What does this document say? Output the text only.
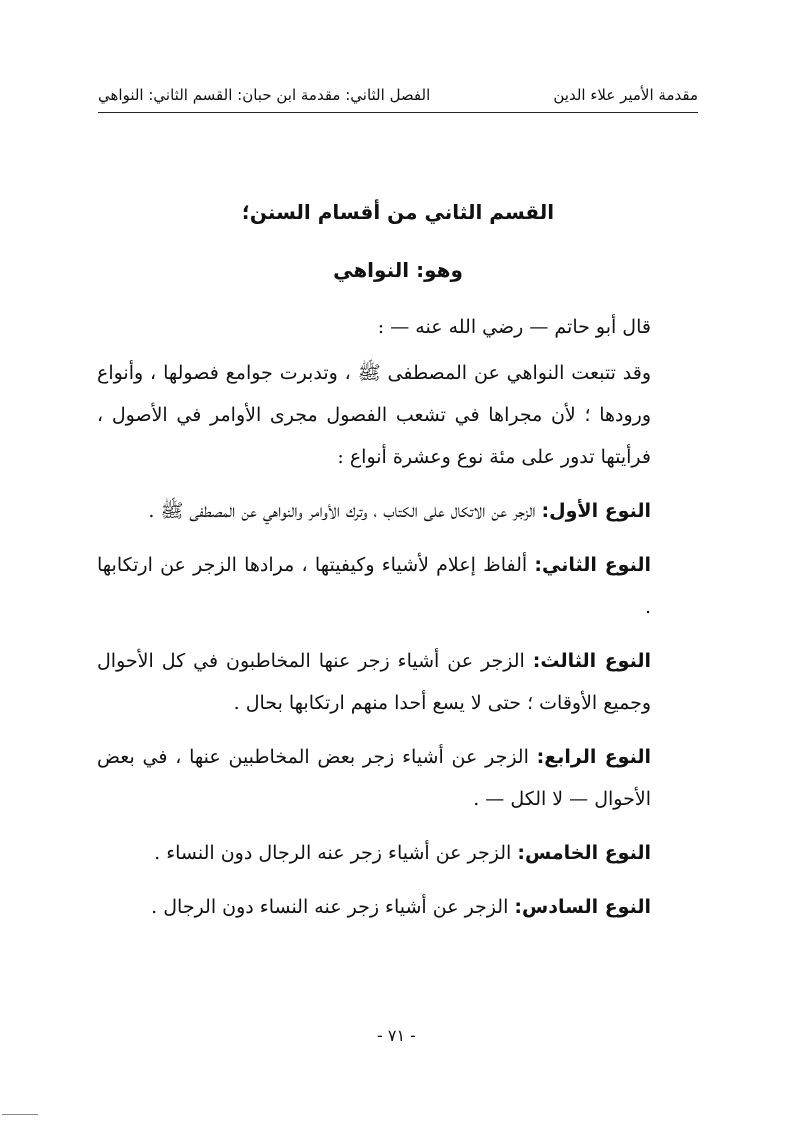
مقدمة الأمير علاء الدين
الفصل الثاني: مقدمة ابن حبان: القسم الثاني: النواهي
القسم الثاني من أقسام السنن؛
وهو: النواهي

قال أبو حاتم — رضي الله عنه — :

وقد تتبعت النواهي عن المصطفى ﷺ ، وتدبرت جوامع فصولها ، وأنواع ورودها ؛ لأن مجراها في تشعب الفصول مجرى الأوامر في الأصول ، فرأيتها تدور على مئة نوع وعشرة أنواع :

النوع الأول: الزجر عن الاتكال على الكتاب ، وترك الأوامر والنواهي عن المصطفى ﷺ .

النوع الثاني: ألفاظ إعلام لأشياء وكيفيتها ، مرادها الزجر عن ارتكابها .

النوع الثالث: الزجر عن أشياء زجر عنها المخاطبون في كل الأحوال وجميع الأوقات ؛ حتى لا يسع أحدا منهم ارتكابها بحال .

النوع الرابع: الزجر عن أشياء زجر بعض المخاطبين عنها ، في بعض الأحوال — لا الكل — .

النوع الخامس: الزجر عن أشياء زجر عنه الرجال دون النساء .

النوع السادس: الزجر عن أشياء زجر عنه النساء دون الرجال .

- ٧١ -
